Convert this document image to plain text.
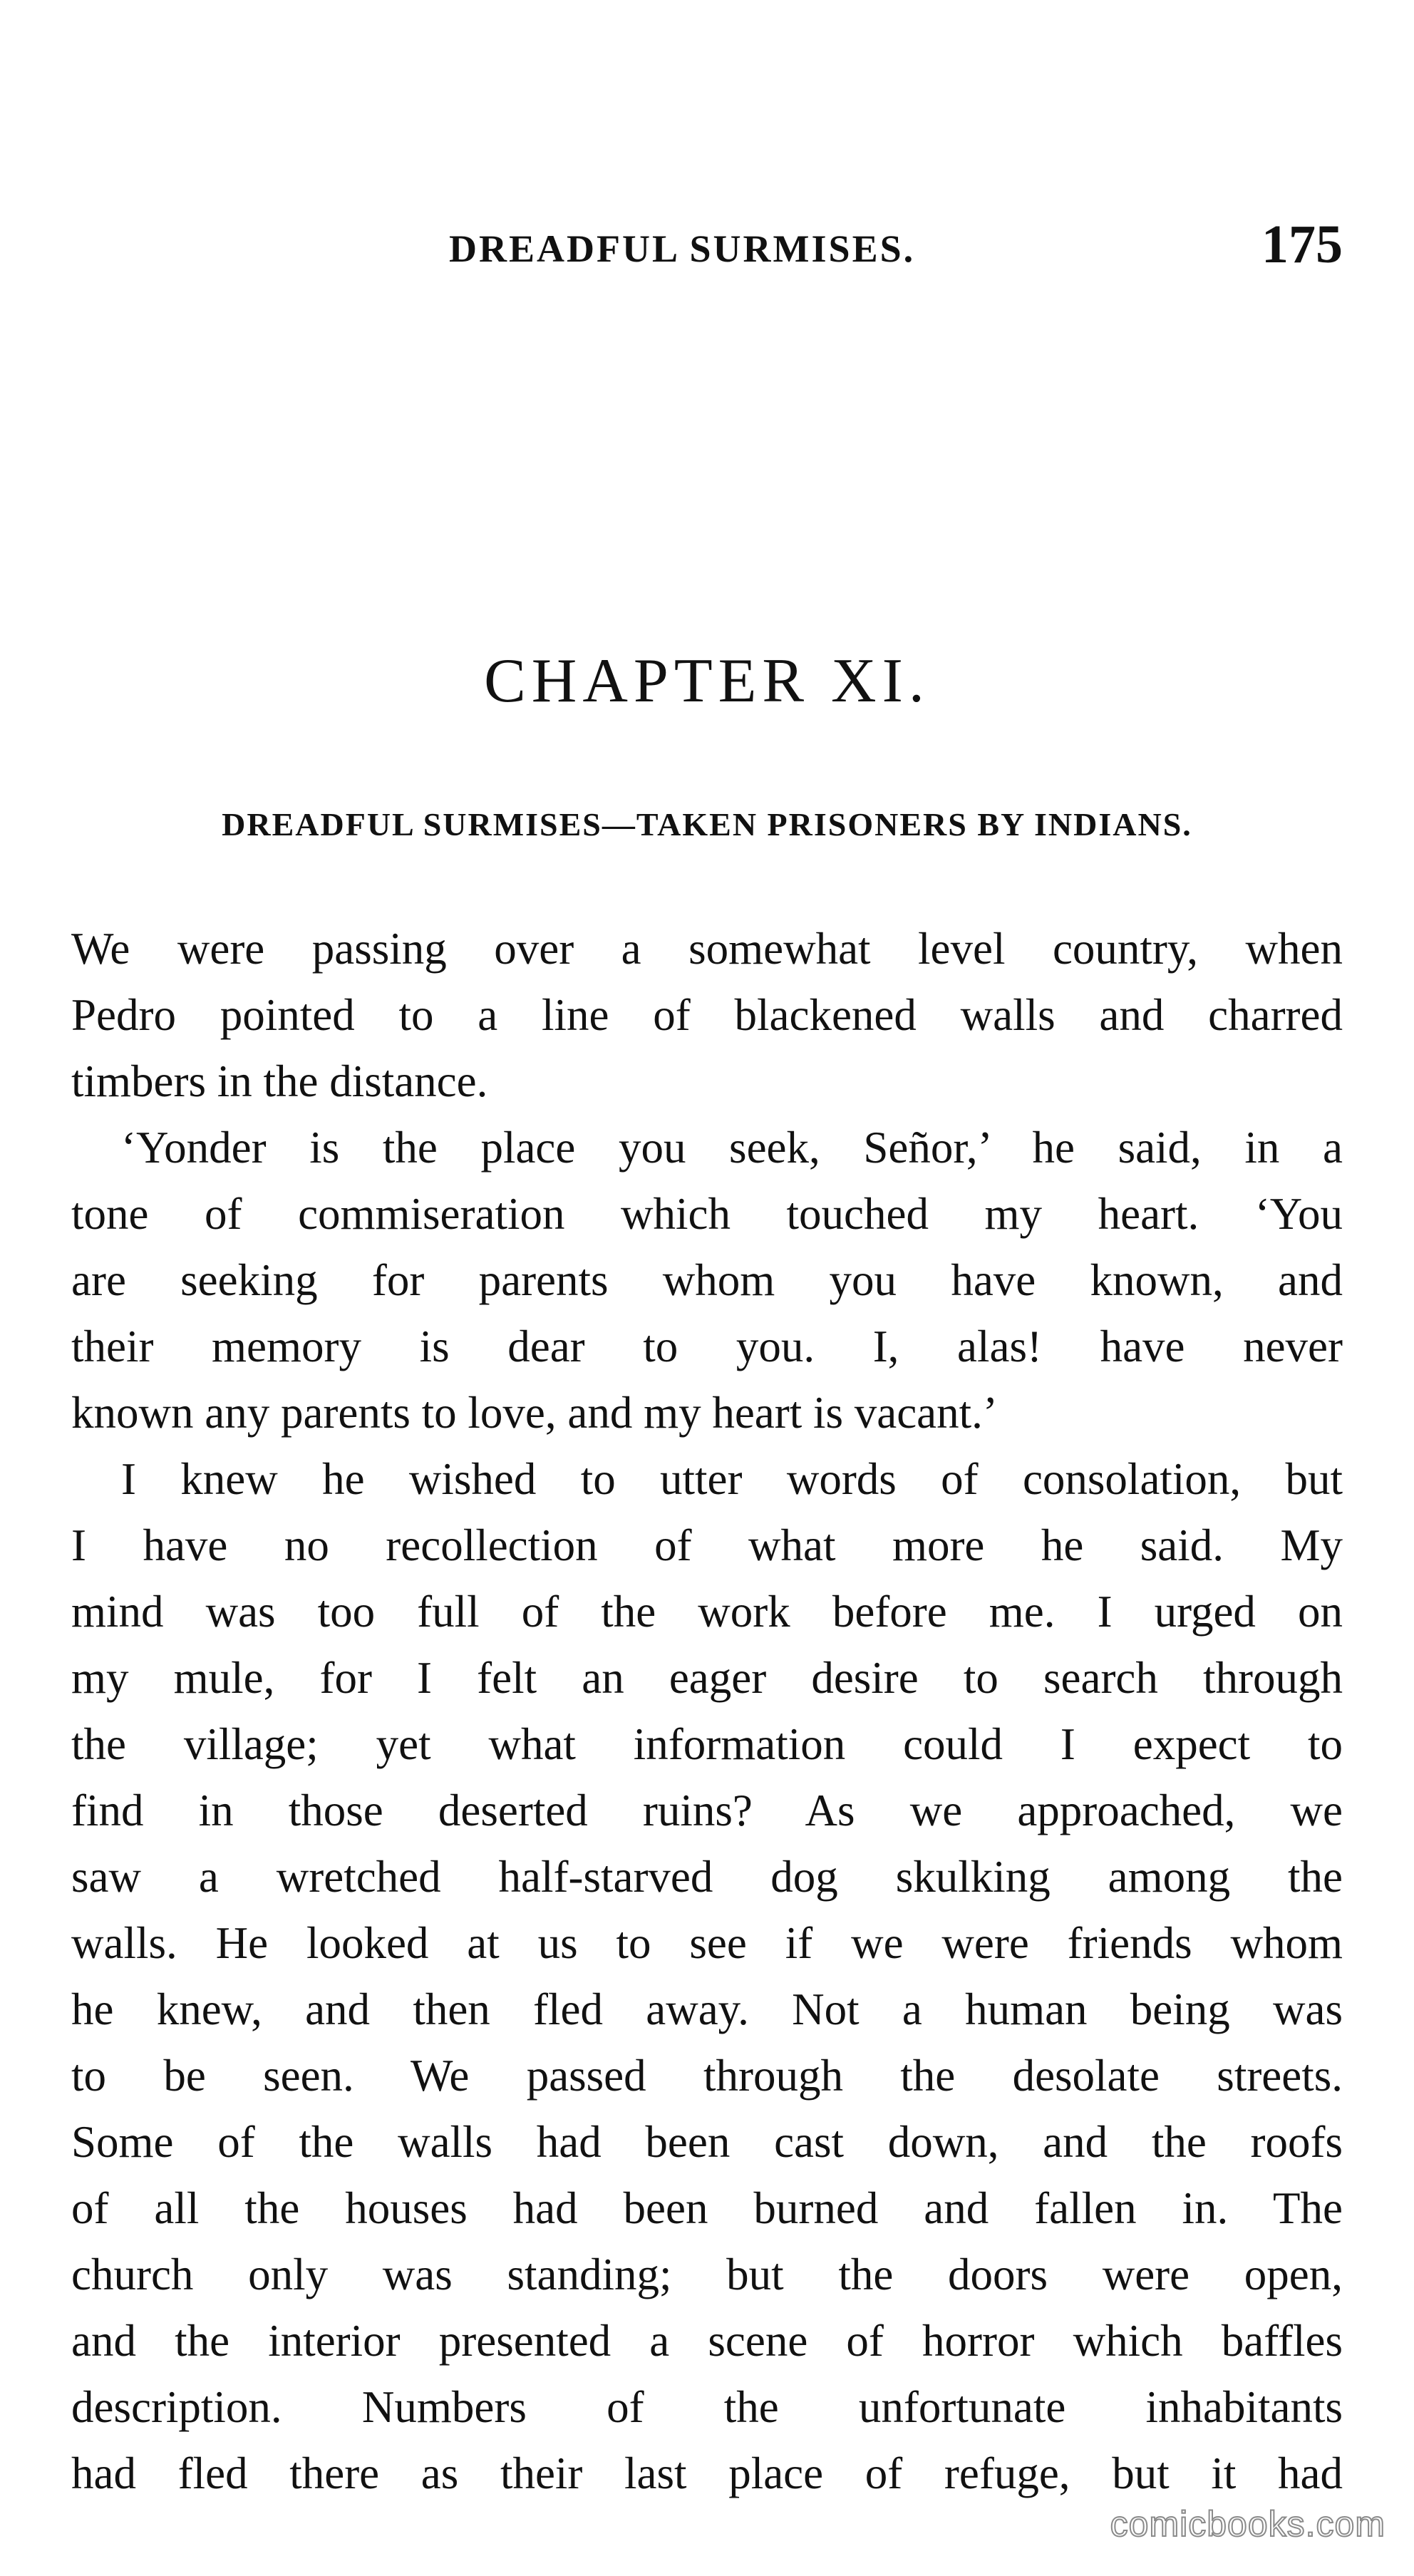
DREADFUL SURMISES.	175
CHAPTER XI.
DREADFUL SURMISES—TAKEN PRISONERS BY INDIANS.
We were passing over a somewhat level country, when
Pedro pointed to a line of blackened walls and charred
timbers in the distance.
‘Yonder is the place you seek, Señor,’ he said, in a
tone of commiseration which touched my heart. ‘You
are seeking for parents whom you have known, and
their memory is dear to you. I, alas! have never
known any parents to love, and my heart is vacant.’
I knew he wished to utter words of consolation, but
I have no recollection of what more he said. My
mind was too full of the work before me. I urged on
my mule, for I felt an eager desire to search through
the village; yet what information could I expect to
find in those deserted ruins? As we approached, we
saw a wretched half-starved dog skulking among the
walls. He looked at us to see if we were friends whom
he knew, and then fled away. Not a human being was
to be seen. We passed through the desolate streets.
Some of the walls had been cast down, and the roofs
of all the houses had been burned and fallen in. The
church only was standing; but the doors were open,
and the interior presented a scene of horror which baffles
description. Numbers of the unfortunate inhabitants
had fled there as their last place of refuge, but it had
comicbooks.com
